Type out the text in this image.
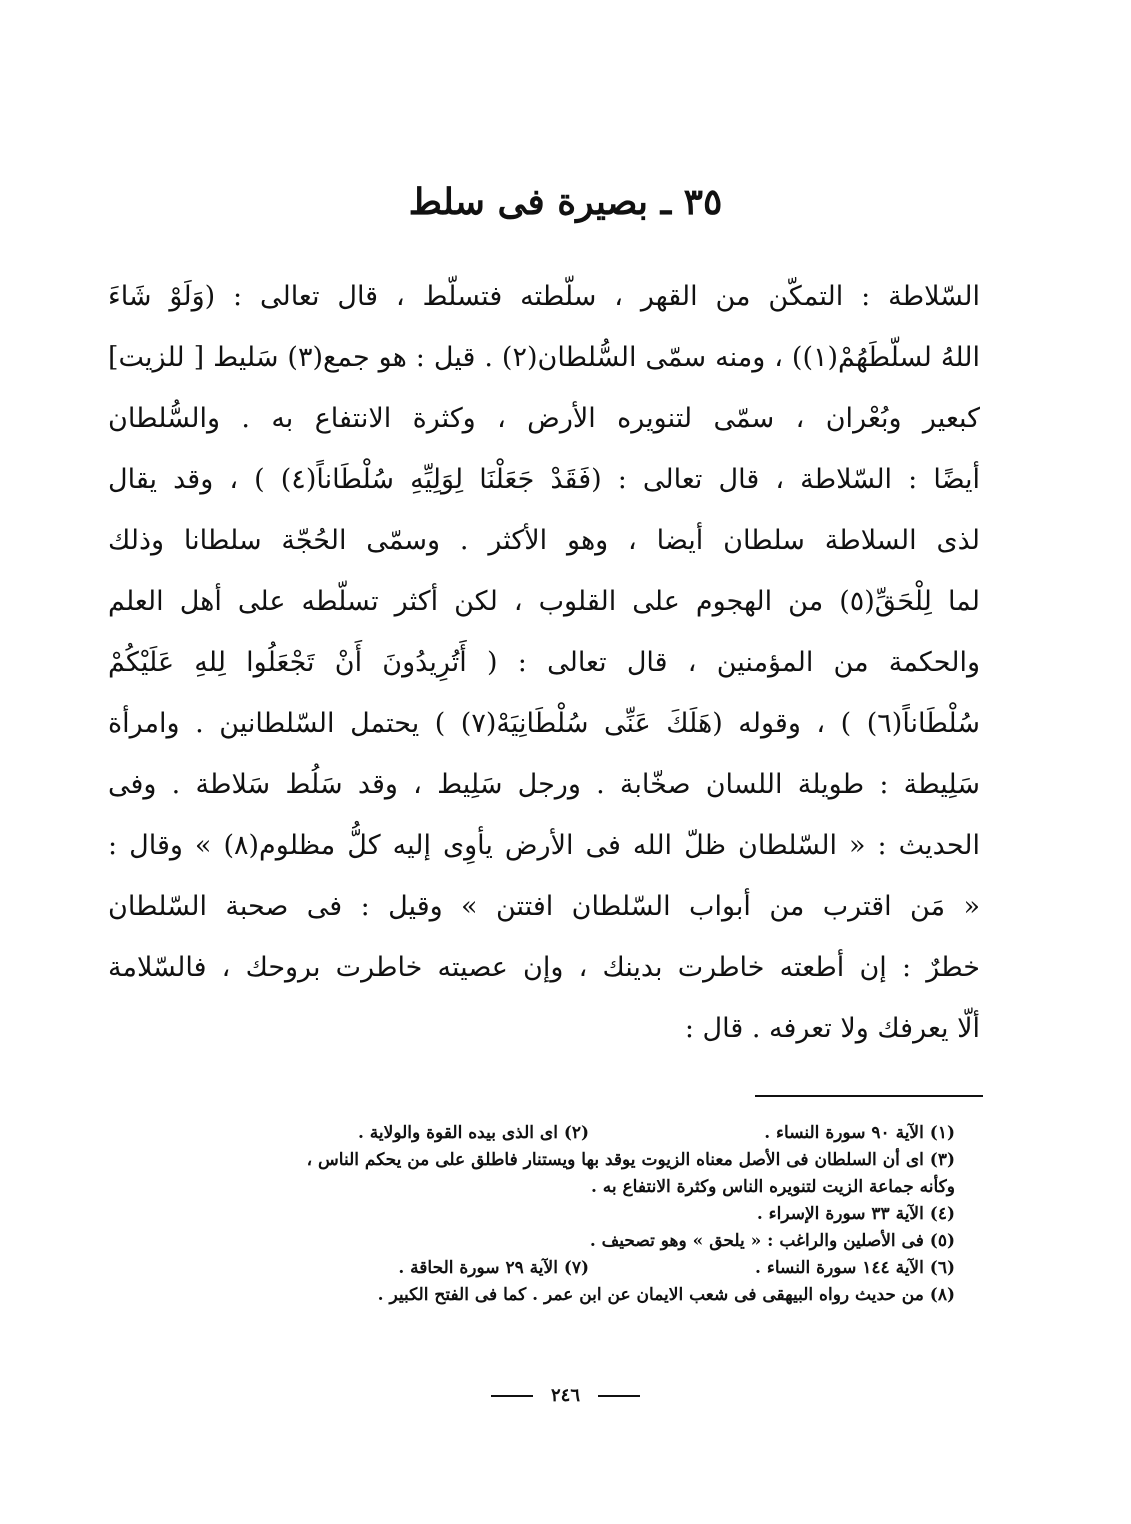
٣٥ ـ بصيرة فى سلط
السّلاطة : التمكّن من القهر ، سلّطته فتسلّط ، قال تعالى : (وَلَوْ شَاءَ
اللهُ لسلّطَهُمْ(١)) ، ومنه سمّى السُّلطان(٢) . قيل : هو جمع(٣) سَليط [ للزيت]
كبعير وبُعْران ، سمّى لتنويره الأرض ، وكثرة الانتفاع به . والسُّلطان
أيضًا : السّلاطة ، قال تعالى : (فَقَدْ جَعَلْنَا لِوَلِيِّهِ سُلْطَاناً(٤) ) ، وقد يقال
لذى السلاطة سلطان أيضا ، وهو الأكثر . وسمّى الحُجّة سلطانا وذلك
لما لِلْحَقِّ(٥) من الهجوم على القلوب ، لكن أكثر تسلّطه على أهل العلم
والحكمة من المؤمنين ، قال تعالى : ( أَتُرِيدُونَ أَنْ تَجْعَلُوا لِلهِ عَلَيْكُمْ
سُلْطَاناً(٦) ) ، وقوله (هَلَكَ عَنِّى سُلْطَانِيَهْ(٧) ) يحتمل السّلطانين . وامرأة
سَلِيطة : طويلة اللسان صخّابة . ورجل سَلِيط ، وقد سَلُط سَلاطة . وفى
الحديث : « السّلطان ظلّ الله فى الأرض يأوِى إليه كلُّ مظلوم(٨) » وقال :
« مَن اقترب من أبواب السّلطان افتتن » وقيل : فى صحبة السّلطان
خطرٌ : إن أطعته خاطرت بدينك ، وإن عصيته خاطرت بروحك ، فالسّلامة
ألّا يعرفك ولا تعرفه . قال :
(١) الآية ٩٠ سورة النساء . (٢) اى الذى بيده القوة والولاية .
(٣) اى أن السلطان فى الأصل معناه الزيوت يوقد بها ويستنار فاطلق على من يحكم الناس ،
وكأنه جماعة الزيت لتنويره الناس وكثرة الانتفاع به .
(٤) الآية ٣٣ سورة الإسراء .
(٥) فى الأصلين والراغب : « يلحق » وهو تصحيف .
(٦) الآية ١٤٤ سورة النساء . (٧) الآية ٢٩ سورة الحاقة .
(٨) من حديث رواه البيهقى فى شعب الايمان عن ابن عمر . كما فى الفتح الكبير .
٢٤٦
